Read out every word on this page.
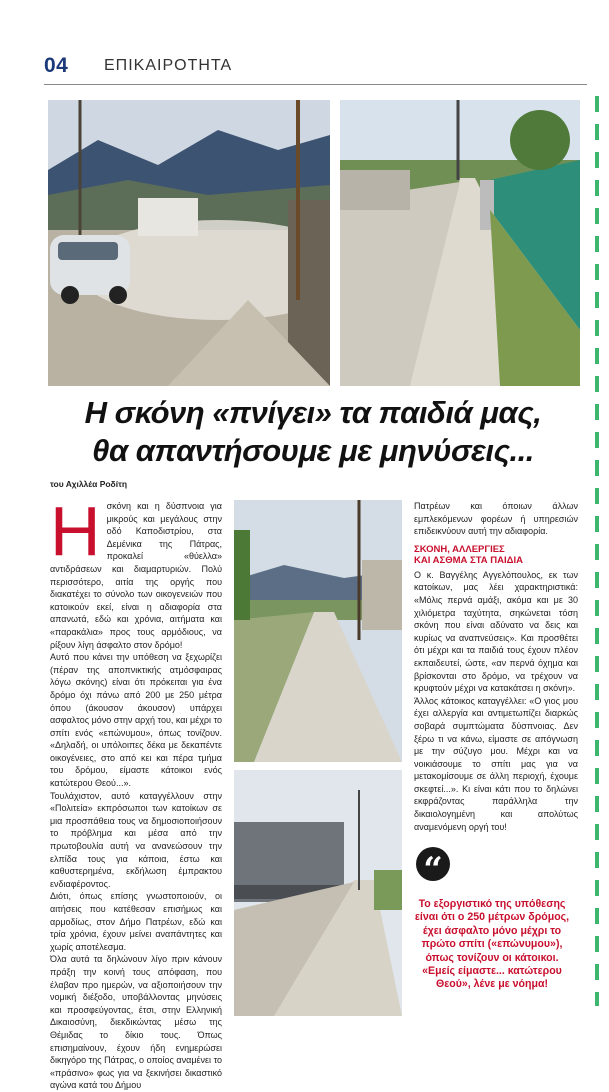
04 ΕΠΙΚΑΙΡΟΤΗΤΑ
Η σκόνη «πνίγει» τα παιδιά μας,
θα απαντήσουμε με μηνύσεις...
του Αχιλλέα Ροδίτη

Ησκόνη και η δύσπνοια για μικρούς και μεγάλους στην οδό Καποδιστρίου, στα Δεμένικα της Πάτρας, προκαλεί «θύελλα» αντιδράσεων και διαμαρτυριών. Πολύ περισσότερο, αιτία της οργής που διακατέχει το σύνολο των οικογενειών που κατοικούν εκεί, είναι η αδιαφορία στα απανωτά, εδώ και χρόνια, αιτήματα και «παρακάλια» προς τους αρμόδιους, να ρίξουν λίγη άσφαλτο στον δρόμο!

Αυτό που κάνει την υπόθεση να ξεχωρίζει (πέραν της αποπνικτικής ατμόσφαιρας λόγω σκόνης) είναι ότι πρόκειται για ένα δρόμο όχι πάνω από 200 με 250 μέτρα όπου (άκουσον άκουσον) υπάρχει ασφαλτος μόνο στην αρχή του, και μέχρι το σπίτι ενός «επώνυμου», όπως τονίζουν. «Δηλαδή, οι υπόλοιπες δέκα με δεκαπέντε οικογένειες, στο από κει και πέρα τμήμα του δρόμου, είμαστε κάτοικοι ενός κατώτερου Θεού...».

Τουλάχιστον, αυτό καταγγέλλουν στην «Πολιτεία» εκπρόσωποι των κατοίκων σε μια προσπάθεια τους να δημοσιοποιήσουν το πρόβλημα και μέσα από την πρωτοβουλία αυτή να ανανεώσουν την ελπίδα τους για κάποια, έστω και καθυστερημένα, εκδήλωση έμπρακτου ενδιαφέροντος.

Διότι, όπως επίσης γνωστοποιούν, οι αιτήσεις που κατέθεσαν επισήμως και αρμοδίως, στον Δήμο Πατρέων, εδώ και τρία χρόνια, έχουν μείνει αναπάντητες και χωρίς αποτέλεσμα.

Όλα αυτά τα δηλώνουν λίγο πριν κάνουν πράξη την κοινή τους απόφαση, που έλαβαν προ ημερών, να αξιοποιήσουν την νομική διέξοδο, υποβάλλοντας μηνύσεις και προσφεύγοντας, έτσι, στην Ελληνική Δικαιοσύνη, διεκδικώντας μέσω της Θέμιδας το δίκιο τους. Όπως επισημαίνουν, έχουν ήδη ενημερώσει δικηγόρο της Πάτρας, ο οποίος αναμένει το «πράσινο» φως για να ξεκινήσει δικαστικό αγώνα κατά του Δήμου

Πατρέων και όποιων άλλων εμπλεκόμενων φορέων ή υπηρεσιών επιδεικνύουν αυτή την αδιαφορία.

ΣΚΟΝΗ, ΑΛΛΕΡΓΙΕΣ
ΚΑΙ ΑΣΘΜΑ ΣΤΑ ΠΑΙΔΙΑ

Ο κ. Βαγγέλης Αγγελόπουλος, εκ των κατοίκων, μας λέει χαρακτηριστικά: «Μόλις περνά αμάξι, ακόμα και με 30 χιλιόμετρα ταχύτητα, σηκώνεται τόση σκόνη που είναι αδύνατο να δεις και κυρίως να αναπνεύσεις». Και προσθέτει ότι μέχρι και τα παιδιά τους έχουν πλέον εκπαιδευτεί, ώστε, «αν περνά όχημα και βρίσκονται στο δρόμο, να τρέχουν να κρυφτούν μέχρι να κατακάτσει η σκόνη».

Άλλος κάτοικος καταγγέλλει: «Ο γιος μου έχει αλλεργία και αντιμετωπίζει διαρκώς σοβαρά συμπτώματα δύσπνοιας. Δεν ξέρω τι να κάνω, είμαστε σε απόγνωση με την σύζυγο μου. Μέχρι και να νοικιάσουμε το σπίτι μας για να μετακομίσουμε σε άλλη περιοχή, έχουμε σκεφτεί...». Κι είναι κάτι που το δηλώνει εκφράζοντας παράλληλα την δικαιολογημένη και απολύτως αναμενόμενη οργή του!

“
Το εξοργιστικό της υπόθεσης είναι ότι ο 250 μέτρων δρόμος, έχει άσφαλτο μόνο μέχρι το πρώτο σπίτι («επώνυμου»), όπως τονίζουν οι κάτοικοι. «Εμείς είμαστε... κατώτερου Θεού», λένε με νόημα!
